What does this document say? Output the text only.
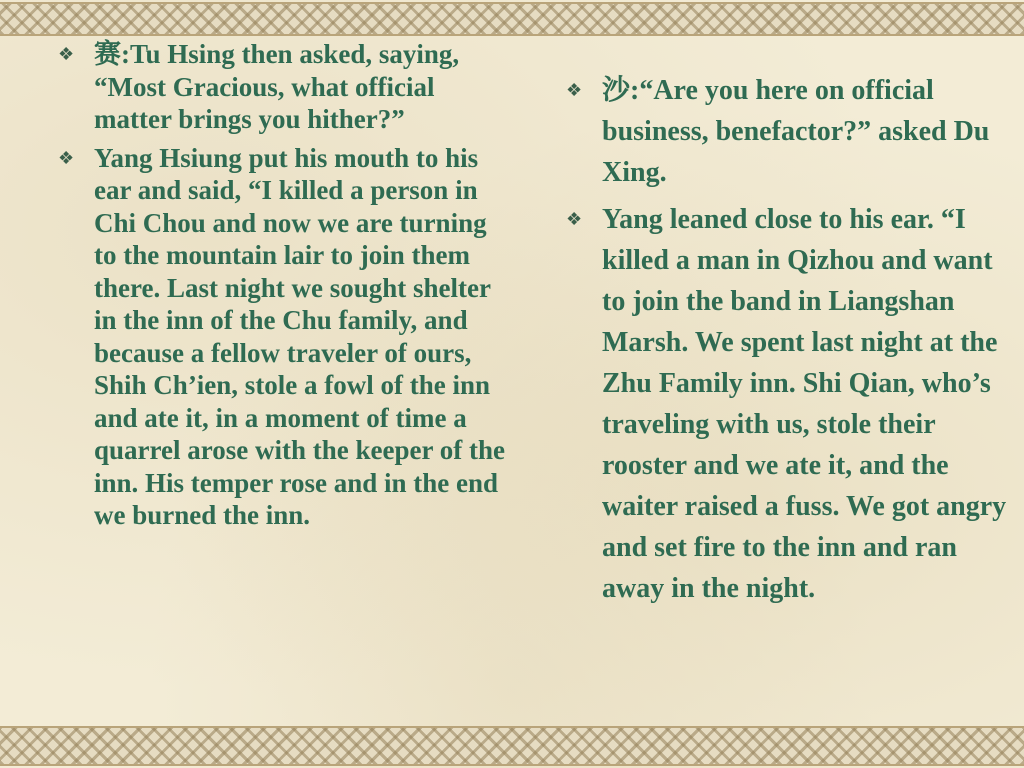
❖ 赛:Tu Hsing then asked, saying, “Most Gracious, what official matter brings you hither?”
❖ Yang Hsiung put his mouth to his ear and said, “I killed a person in Chi Chou and now we are turning to the mountain lair to join them there. Last night we sought shelter in the inn of the Chu family, and because a fellow traveler of ours, Shih Ch’ien, stole a fowl of the inn and ate it, in a moment of time a quarrel arose with the keeper of the inn. His temper rose and in the end we burned the inn.
❖ 沙:“Are you here on official business, benefactor?” asked Du Xing.
❖ Yang leaned close to his ear. “I killed a man in Qizhou and want to join the band in Liangshan Marsh. We spent last night at the Zhu Family inn. Shi Qian, who’s traveling with us, stole their rooster and we ate it, and the waiter raised a fuss. We got angry and set fire to the inn and ran away in the night.
